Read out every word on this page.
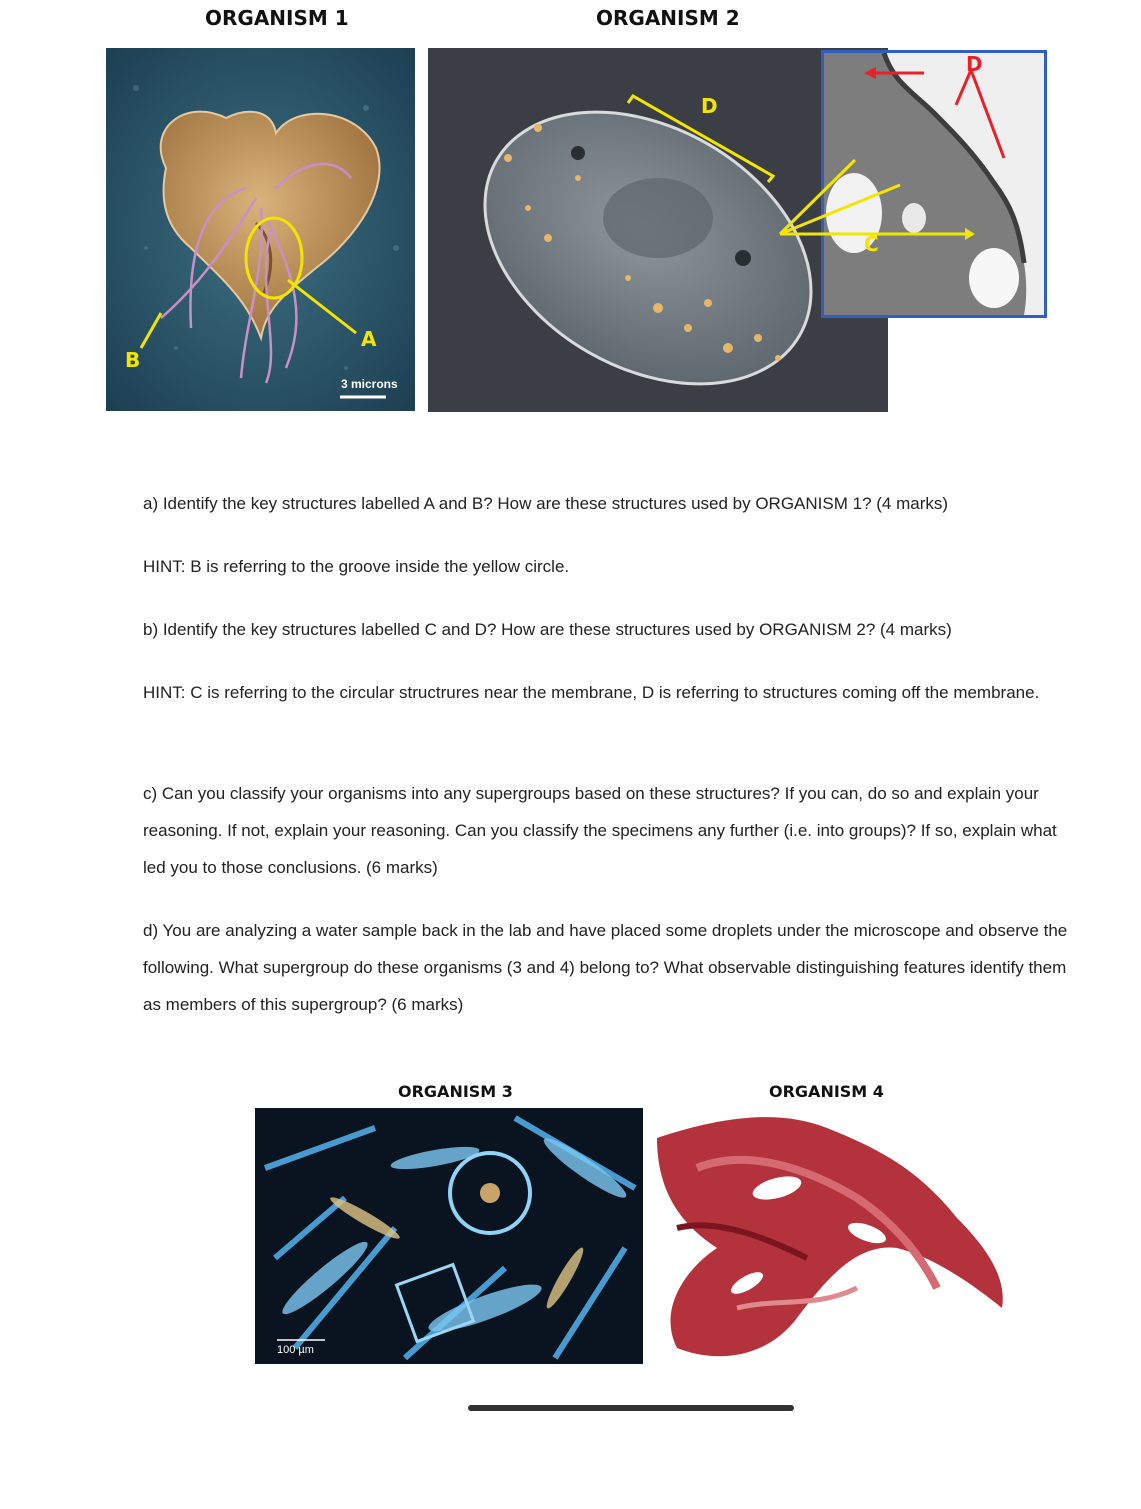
ORGANISM 1	ORGANISM 2
A
B
3 microns
D
D
C
a) Identify the key structures labelled A and B? How are these structures used by ORGANISM 1? (4 marks)
HINT: B is referring to the groove inside the yellow circle.
b) Identify the key structures labelled C and D? How are these structures used by ORGANISM 2? (4 marks)
HINT: C is referring to the circular structrures near the membrane, D is referring to structures coming off the membrane.
c) Can you classify your organisms into any supergroups based on these structures? If you can, do so and explain your reasoning. If not, explain your reasoning. Can you classify the specimens any further (i.e. into groups)? If so, explain what led you to those conclusions. (6 marks)
d) You are analyzing a water sample back in the lab and have placed some droplets under the microscope and observe the following. What supergroup do these organisms (3 and 4) belong to? What observable distinguishing features identify them as members of this supergroup? (6 marks)
ORGANISM 3
100 µm
ORGANISM 4
